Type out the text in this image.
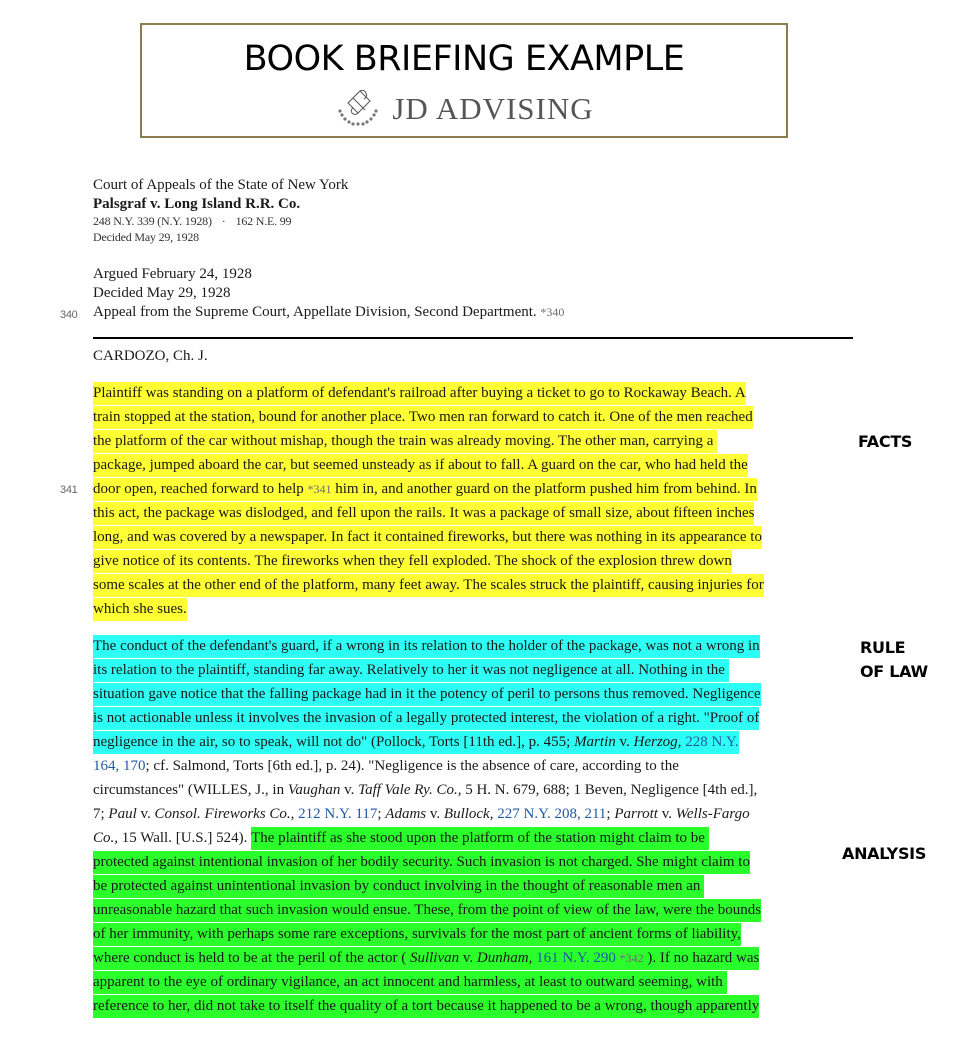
BOOK BRIEFING EXAMPLE
JD ADVISING
Court of Appeals of the State of New York
Palsgraf v. Long Island R.R. Co.
248 N.Y. 339 (N.Y. 1928) · 162 N.E. 99
Decided May 29, 1928
Argued February 24, 1928
Decided May 29, 1928
340	Appeal from the Supreme Court, Appellate Division, Second Department. *340
CARDOZO, Ch. J.
Plaintiff was standing on a platform of defendant's railroad after buying a ticket to go to Rockaway Beach. A
train stopped at the station, bound for another place. Two men ran forward to catch it. One of the men reached
the platform of the car without mishap, though the train was already moving. The other man, carrying a
package, jumped aboard the car, but seemed unsteady as if about to fall. A guard on the car, who had held the
341	door open, reached forward to help *341 him in, and another guard on the platform pushed him from behind. In
this act, the package was dislodged, and fell upon the rails. It was a package of small size, about fifteen inches
long, and was covered by a newspaper. In fact it contained fireworks, but there was nothing in its appearance to
give notice of its contents. The fireworks when they fell exploded. The shock of the explosion threw down
some scales at the other end of the platform, many feet away. The scales struck the plaintiff, causing injuries for
which she sues.
FACTS
The conduct of the defendant's guard, if a wrong in its relation to the holder of the package, was not a wrong in
its relation to the plaintiff, standing far away. Relatively to her it was not negligence at all. Nothing in the
situation gave notice that the falling package had in it the potency of peril to persons thus removed. Negligence
is not actionable unless it involves the invasion of a legally protected interest, the violation of a right. "Proof of
negligence in the air, so to speak, will not do" (Pollock, Torts [11th ed.], p. 455; Martin v. Herzog, 228 N.Y.
164, 170; cf. Salmond, Torts [6th ed.], p. 24). "Negligence is the absence of care, according to the
circumstances" (WILLES, J., in Vaughan v. Taff Vale Ry. Co., 5 H. N. 679, 688; 1 Beven, Negligence [4th ed.],
7; Paul v. Consol. Fireworks Co., 212 N.Y. 117; Adams v. Bullock, 227 N.Y. 208, 211; Parrott v. Wells-Fargo
Co., 15 Wall. [U.S.] 524). The plaintiff as she stood upon the platform of the station might claim to be
RULE
OF LAW
protected against intentional invasion of her bodily security. Such invasion is not charged. She might claim to
be protected against unintentional invasion by conduct involving in the thought of reasonable men an
unreasonable hazard that such invasion would ensue. These, from the point of view of the law, were the bounds
of her immunity, with perhaps some rare exceptions, survivals for the most part of ancient forms of liability,
where conduct is held to be at the peril of the actor ( Sullivan v. Dunham, 161 N.Y. 290 *342 ). If no hazard was
apparent to the eye of ordinary vigilance, an act innocent and harmless, at least to outward seeming, with
reference to her, did not take to itself the quality of a tort because it happened to be a wrong, though apparently
ANALYSIS
